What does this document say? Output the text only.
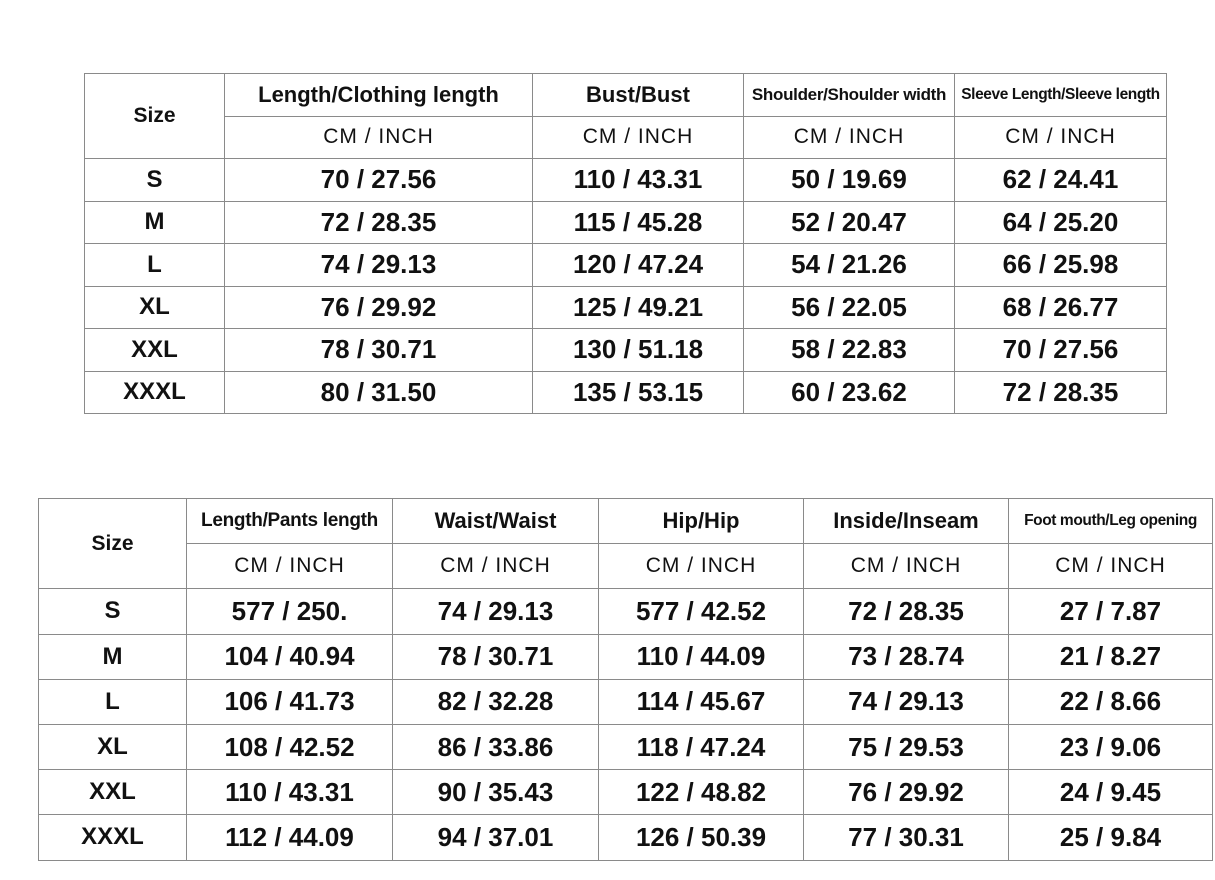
Size	Length/Clothing length	Bust/Bust	Shoulder/Shoulder width	Sleeve Length/Sleeve length
	CM / INCH	CM / INCH	CM / INCH	CM / INCH
S	70 / 27.56	110 / 43.31	50 / 19.69	62 / 24.41
M	72 / 28.35	115 / 45.28	52 / 20.47	64 / 25.20
L	74 / 29.13	120 / 47.24	54 / 21.26	66 / 25.98
XL	76 / 29.92	125 / 49.21	56 / 22.05	68 / 26.77
XXL	78 / 30.71	130 / 51.18	58 / 22.83	70 / 27.56
XXXL	80 / 31.50	135 / 53.15	60 / 23.62	72 / 28.35
Size	Length/Pants length	Waist/Waist	Hip/Hip	Inside/Inseam	Foot mouth/Leg opening
	CM / INCH	CM / INCH	CM / INCH	CM / INCH	CM / INCH
S	577 / 250.	74 / 29.13	577 / 42.52	72 / 28.35	27 / 7.87
M	104 / 40.94	78 / 30.71	110 / 44.09	73 / 28.74	21 / 8.27
L	106 / 41.73	82 / 32.28	114 / 45.67	74 / 29.13	22 / 8.66
XL	108 / 42.52	86 / 33.86	118 / 47.24	75 / 29.53	23 / 9.06
XXL	110 / 43.31	90 / 35.43	122 / 48.82	76 / 29.92	24 / 9.45
XXXL	112 / 44.09	94 / 37.01	126 / 50.39	77 / 30.31	25 / 9.84
